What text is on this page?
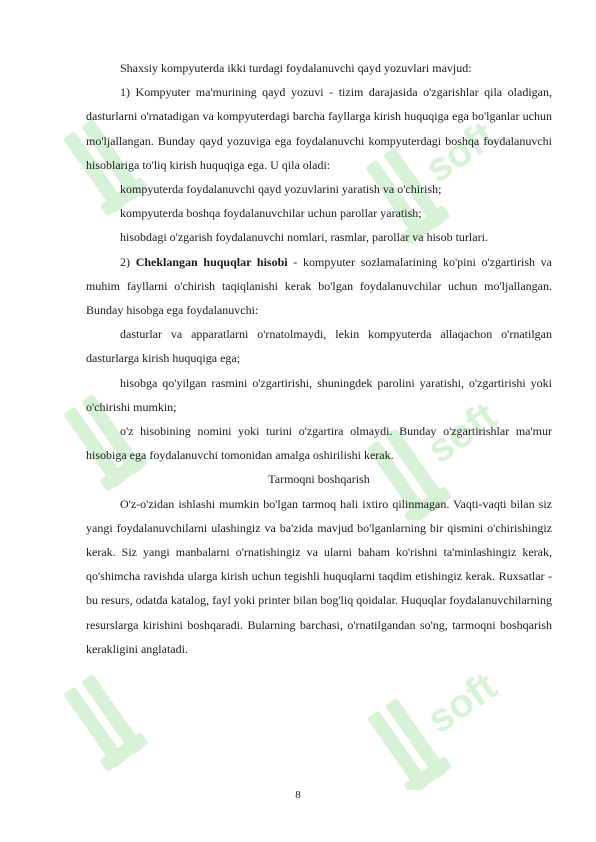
soft
soft
soft

Shaxsiy kompyuterda ikki turdagi foydalanuvchi qayd yozuvlari mavjud:

1) Kompyuter ma'murining qayd yozuvi - tizim darajasida o'zgarishlar qila oladigan, dasturlarni o'rnatadigan va kompyuterdagi barcha fayllarga kirish huquqiga ega bo'lganlar uchun mo'ljallangan. Bunday qayd yozuviga ega foydalanuvchi kompyuterdagi boshqa foydalanuvchi hisoblariga to'liq kirish huquqiga ega. U qila oladi:

kompyuterda foydalanuvchi qayd yozuvlarini yaratish va o'chirish;

kompyuterda boshqa foydalanuvchilar uchun parollar yaratish;

hisobdagi o'zgarish foydalanuvchi nomlari, rasmlar, parollar va hisob turlari.

2) Cheklangan huquqlar hisobi - kompyuter sozlamalarining ko'pini o'zgartirish va muhim fayllarni o'chirish taqiqlanishi kerak bo'lgan foydalanuvchilar uchun mo'ljallangan. Bunday hisobga ega foydalanuvchi:

dasturlar va apparatlarni o'rnatolmaydi, lekin kompyuterda allaqachon o'rnatilgan dasturlarga kirish huquqiga ega;

hisobga qo'yilgan rasmini o'zgartirishi, shuningdek parolini yaratishi, o'zgartirishi yoki o'chirishi mumkin;

o'z hisobining nomini yoki turini o'zgartira olmaydi. Bunday o'zgartirishlar ma'mur hisobiga ega foydalanuvchi tomonidan amalga oshirilishi kerak.

Tarmoqni boshqarish

O'z-o'zidan ishlashi mumkin bo'lgan tarmoq hali ixtiro qilinmagan. Vaqti-vaqti bilan siz yangi foydalanuvchilarni ulashingiz va ba'zida mavjud bo'lganlarning bir qismini o'chirishingiz kerak. Siz yangi manbalarni o'rnatishingiz va ularni baham ko'rishni ta'minlashingiz kerak, qo'shimcha ravishda ularga kirish uchun tegishli huquqlarni taqdim etishingiz kerak. Ruxsatlar - bu resurs, odatda katalog, fayl yoki printer bilan bog'liq qoidalar. Huquqlar foydalanuvchilarning resurslarga kirishini boshqaradi. Bularning barchasi, o'rnatilgandan so'ng, tarmoqni boshqarish kerakligini anglatadi.

8
